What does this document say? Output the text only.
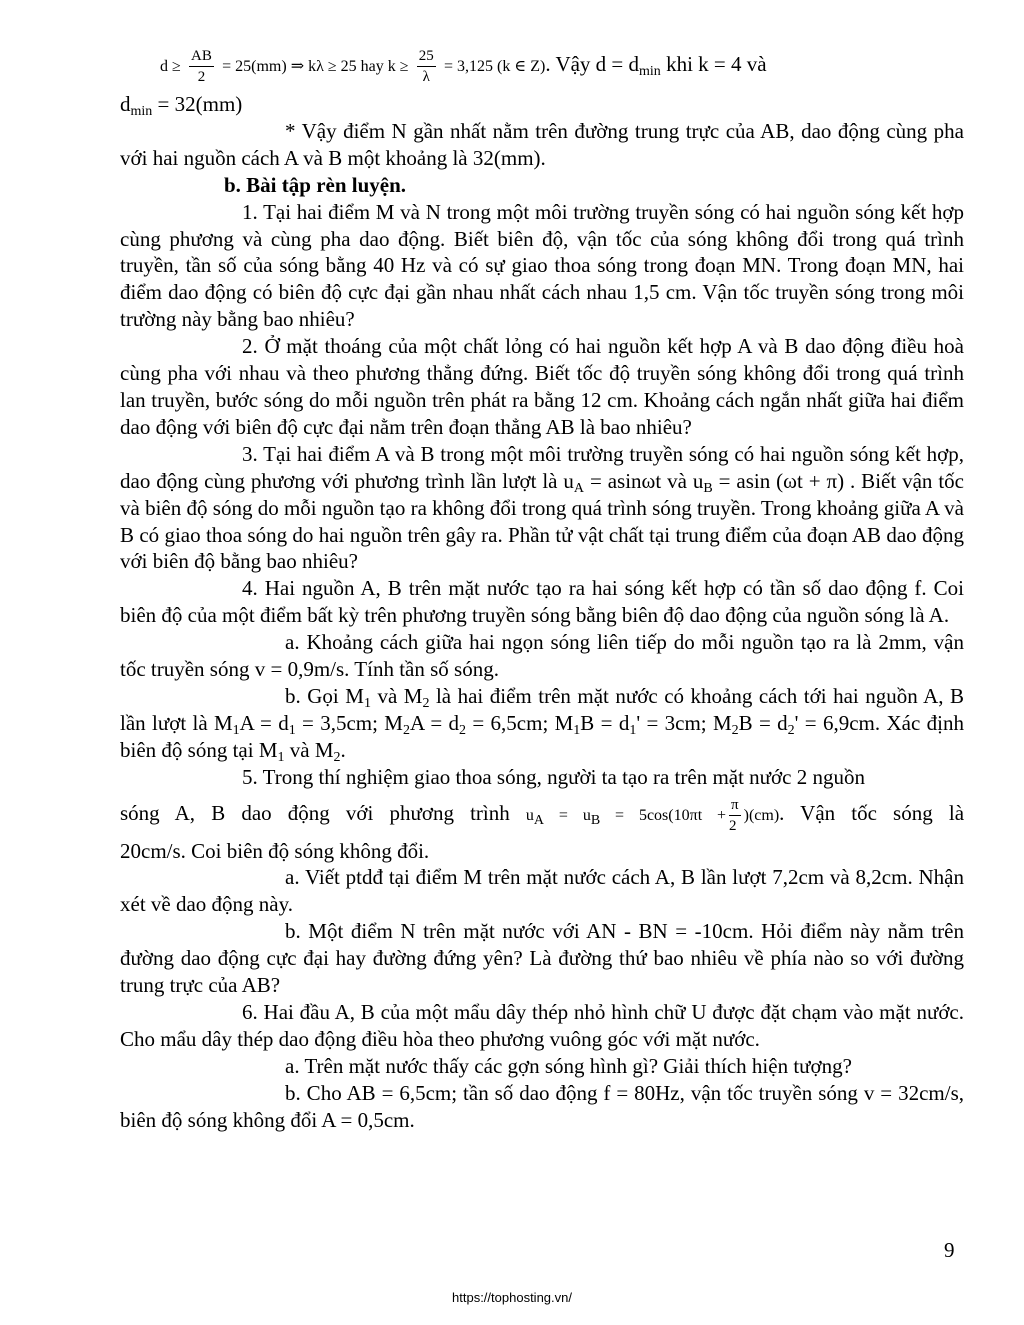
$d \ge \frac{AB}{2} = 25(mm)$ ⇒ kλ ≥ 25 hay $k \ge \frac{25}{\lambda} = 3,125$ (k ∈ Z). Vậy $d = d_{min}$ khi k = 4 và

$d_{min} = 32(mm)$

* Vậy điểm N gần nhất nằm trên đường trung trực của AB, dao động cùng pha với hai nguồn cách A và B một khoảng là 32(mm).

b. Bài tập rèn luyện.

1. Tại hai điểm M và N trong một môi trường truyền sóng có hai nguồn sóng kết hợp cùng phương và cùng pha dao động. Biết biên độ, vận tốc của sóng không đổi trong quá trình truyền, tần số của sóng bằng 40 Hz và có sự giao thoa sóng trong đoạn MN. Trong đoạn MN, hai điểm dao động có biên độ cực đại gần nhau nhất cách nhau 1,5 cm. Vận tốc truyền sóng trong môi trường này bằng bao nhiêu?

2. Ở mặt thoáng của một chất lỏng có hai nguồn kết hợp A và B dao động điều hoà cùng pha với nhau và theo phương thẳng đứng. Biết tốc độ truyền sóng không đổi trong quá trình lan truyền, bước sóng do mỗi nguồn trên phát ra bằng 12 cm. Khoảng cách ngắn nhất giữa hai điểm dao động với biên độ cực đại nằm trên đoạn thẳng AB là bao nhiêu?

3. Tại hai điểm A và B trong một môi trường truyền sóng có hai nguồn sóng kết hợp, dao động cùng phương với phương trình lần lượt là $u_A = asin\omega t$ và $u_B = asin$ (ωt + π) . Biết vận tốc và biên độ sóng do mỗi nguồn tạo ra không đổi trong quá trình sóng truyền. Trong khoảng giữa A và B có giao thoa sóng do hai nguồn trên gây ra. Phần tử vật chất tại trung điểm của đoạn AB dao động với biên độ bằng bao nhiêu?

4. Hai nguồn A, B trên mặt nước tạo ra hai sóng kết hợp có tần số dao động f. Coi biên độ của một điểm bất kỳ trên phương truyền sóng bằng biên độ dao động của nguồn sóng là A.

a. Khoảng cách giữa hai ngọn sóng liên tiếp do mỗi nguồn tạo ra là 2mm, vận tốc truyền sóng v = 0,9m/s. Tính tần số sóng.

b. Gọi $M_1$ và $M_2$ là hai điểm trên mặt nước có khoảng cách tới hai nguồn A, B lần lượt là $M_1A = d_1 = 3,5cm$; $M_2A = d_2 = 6,5cm$; $M_1B = d_1' = 3cm$; $M_2B = d_2' = 6,9cm$. Xác định biên độ sóng tại $M_1$ và $M_2$.

5. Trong thí nghiệm giao thoa sóng, người ta tạo ra trên mặt nước 2 nguồn

sóng A, B dao động với phương trình uA = uB = $5\cos(10\pi t + \frac{\pi}{2} )(cm)$. Vận tốc sóng là

20cm/s. Coi biên độ sóng không đổi.

a. Viết ptdđ tại điểm M trên mặt nước cách A, B lần lượt 7,2cm và 8,2cm. Nhận xét về dao động này.

b. Một điểm N trên mặt nước với AN - BN = -10cm. Hỏi điểm này nằm trên đường dao động cực đại hay đường đứng yên? Là đường thứ bao nhiêu về phía nào so với đường trung trực của AB?

6. Hai đầu A, B của một mẩu dây thép nhỏ hình chữ U được đặt chạm vào mặt nước. Cho mẩu dây thép dao động điều hòa theo phương vuông góc với mặt nước.

a. Trên mặt nước thấy các gợn sóng hình gì? Giải thích hiện tượng?

b. Cho AB = 6,5cm; tần số dao động f = 80Hz, vận tốc truyền sóng v = 32cm/s, biên độ sóng không đổi A = 0,5cm.

9
https://tophosting.vn/
